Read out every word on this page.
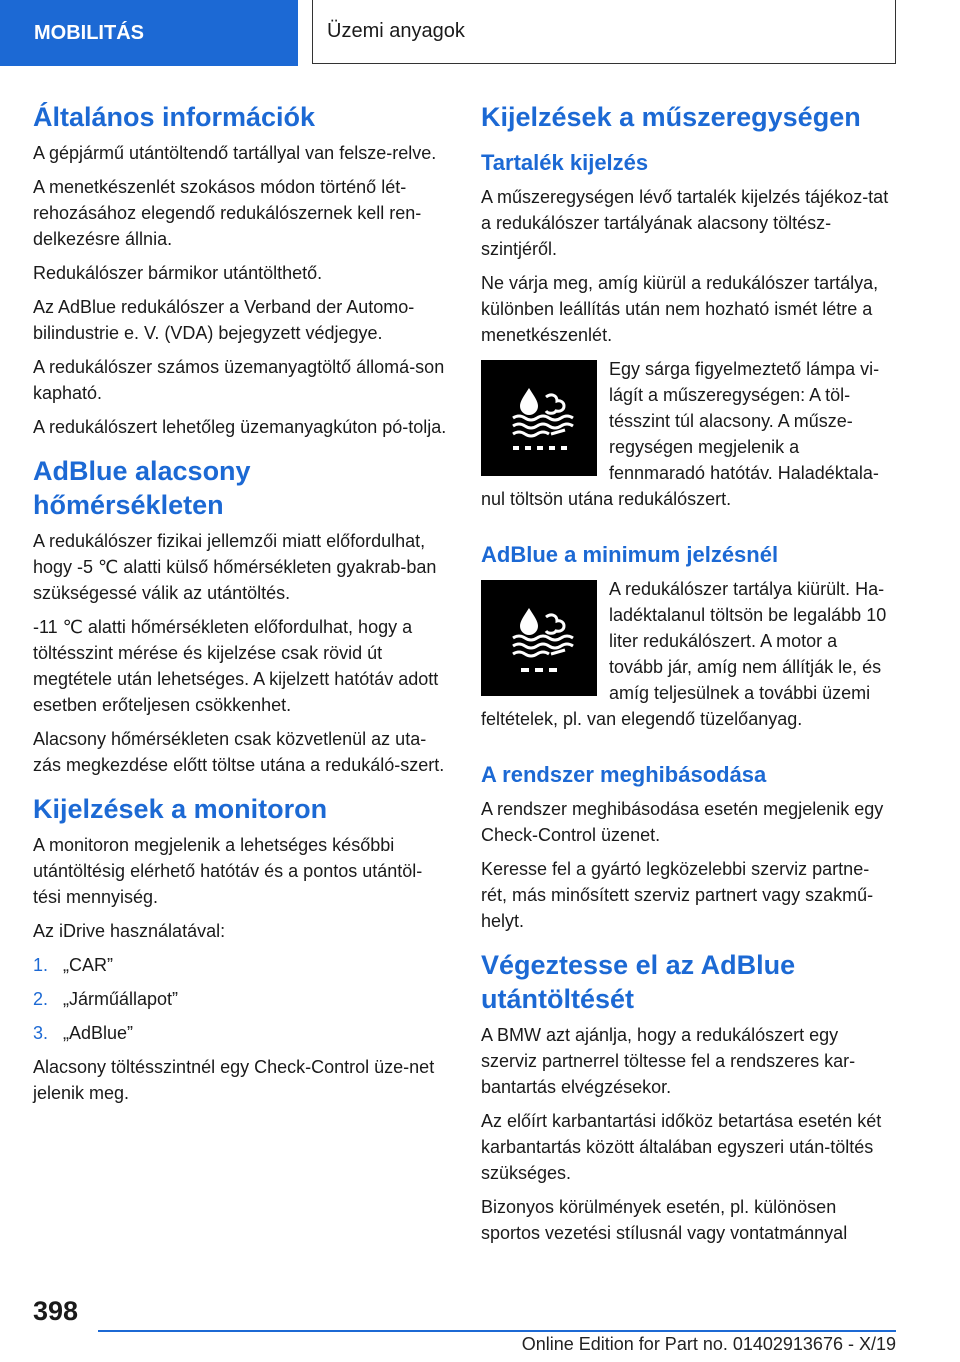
MOBILITÁS	Üzemi anyagok
Általános információk

A gépjármű utántöltendő tartállyal van felsze-relve.

A menetkészenlét szokásos módon történő lét-rehozásához elegendő redukálószernek kell ren-delkezésre állnia.

Redukálószer bármikor utántölthető.

Az AdBlue redukálószer a Verband der Automo-bilindustrie e. V. (VDA) bejegyzett védjegye.

A redukálószer számos üzemanyagtöltő állomá-son kapható.

A redukálószert lehetőleg üzemanyagkúton pó-tolja.

AdBlue alacsony hőmérsékleten

A redukálószer fizikai jellemzői miatt előfordulhat, hogy -5 ℃ alatti külső hőmérsékleten gyakrab-ban szükségessé válik az utántöltés.

-11 ℃ alatti hőmérsékleten előfordulhat, hogy a töltésszint mérése és kijelzése csak rövid út megtétele után lehetséges. A kijelzett hatótáv adott esetben erőteljesen csökkenhet.

Alacsony hőmérsékleten csak közvetlenül az uta-zás megkezdése előtt töltse utána a redukáló-szert.

Kijelzések a monitoron

A monitoron megjelenik a lehetséges későbbi utántöltésig elérhető hatótáv és a pontos utántöl-tési mennyiség.

Az iDrive használatával:

1. „CAR”
2. „Járműállapot”
3. „AdBlue”

Alacsony töltésszintnél egy Check-Control üze-net jelenik meg.

Kijelzések a műszeregységen
Tartalék kijelzés

A műszeregységen lévő tartalék kijelzés tájékoz-tat a redukálószer tartályának alacsony töltész-szintjéről.

Ne várja meg, amíg kiürül a redukálószer tartálya, különben leállítás után nem hozható ismét létre a menetkészenlét.

Egy sárga figyelmeztető lámpa vi-lágít a műszeregységen: A töl-tésszint túl alacsony. A műsze-regységen megjelenik a fennmaradó hatótáv. Haladéktala-nul töltsön utána redukálószert.

AdBlue a minimum jelzésnél

A redukálószer tartálya kiürült. Ha-ladéktalanul töltsön be legalább 10 liter redukálószert. A motor a tovább jár, amíg nem állítják le, és amíg teljesülnek a további üzemi feltételek, pl. van elegendő tüzelőanyag.

A rendszer meghibásodása

A rendszer meghibásodása esetén megjelenik egy Check-Control üzenet.

Keresse fel a gyártó legközelebbi szerviz partne-rét, más minősített szerviz partnert vagy szakmű-helyt.

Végeztesse el az AdBlue utántöltését

A BMW azt ajánlja, hogy a redukálószert egy szerviz partnerrel töltesse fel a rendszeres kar-bantartás elvégzésekor.

Az előírt karbantartási időköz betartása esetén két karbantartás között általában egyszeri után-töltés szükséges.

Bizonyos körülmények esetén, pl. különösen sportos vezetési stílusnál vagy vontatmánnyal

398
Online Edition for Part no. 01402913676 - X/19
